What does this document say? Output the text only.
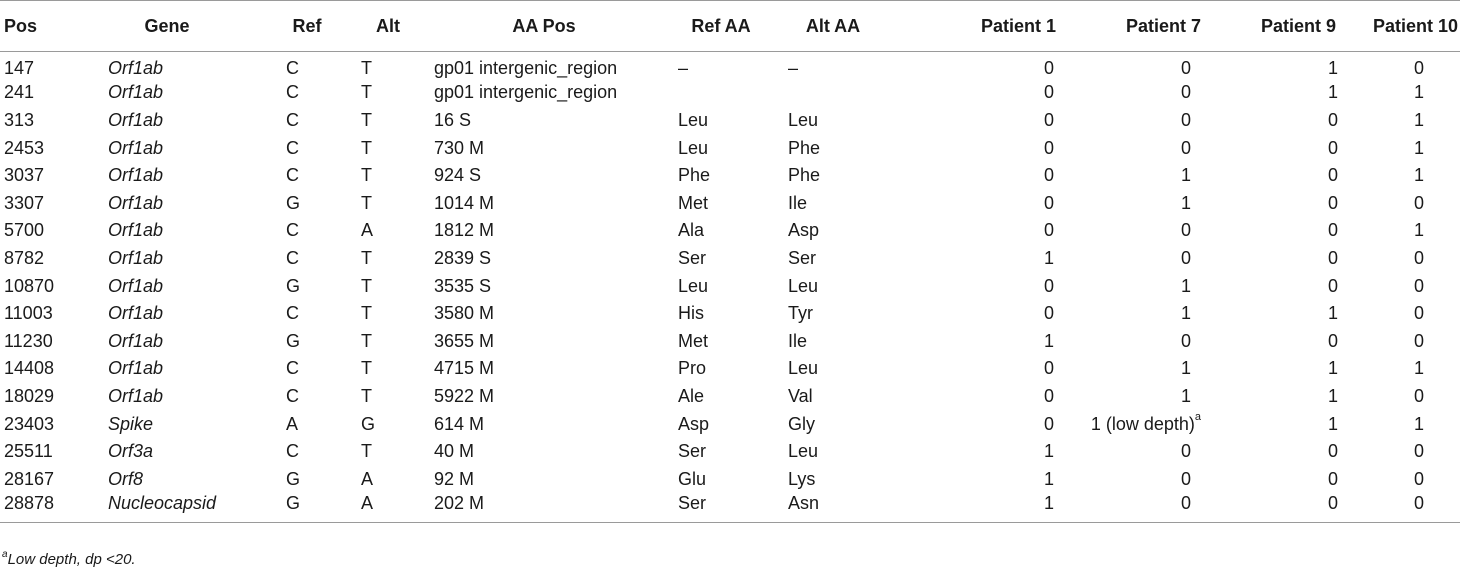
Pos	Gene	Ref	Alt	AA Pos	Ref AA	Alt AA	Patient 1	Patient 7	Patient 9	Patient 10
147	Orf1ab	C	T	gp01 intergenic_region	–	–	0	0	1	0
241	Orf1ab	C	T	gp01 intergenic_region			0	0	1	1
313	Orf1ab	C	T	16 S	Leu	Leu	0	0	0	1
2453	Orf1ab	C	T	730 M	Leu	Phe	0	0	0	1
3037	Orf1ab	C	T	924 S	Phe	Phe	0	1	0	1
3307	Orf1ab	G	T	1014 M	Met	Ile	0	1	0	0
5700	Orf1ab	C	A	1812 M	Ala	Asp	0	0	0	1
8782	Orf1ab	C	T	2839 S	Ser	Ser	1	0	0	0
10870	Orf1ab	G	T	3535 S	Leu	Leu	0	1	0	0
11003	Orf1ab	C	T	3580 M	His	Tyr	0	1	1	0
11230	Orf1ab	G	T	3655 M	Met	Ile	1	0	0	0
14408	Orf1ab	C	T	4715 M	Pro	Leu	0	1	1	1
18029	Orf1ab	C	T	5922 M	Ale	Val	0	1	1	0
23403	Spike	A	G	614 M	Asp	Gly	0	1 (low depth)$^a$	1	1
25511	Orf3a	C	T	40 M	Ser	Leu	1	0	0	0
28167	Orf8	G	A	92 M	Glu	Lys	1	0	0	0
28878	Nucleocapsid	G	A	202 M	Ser	Asn	1	0	0	0
$^a$Low depth, dp <20.
